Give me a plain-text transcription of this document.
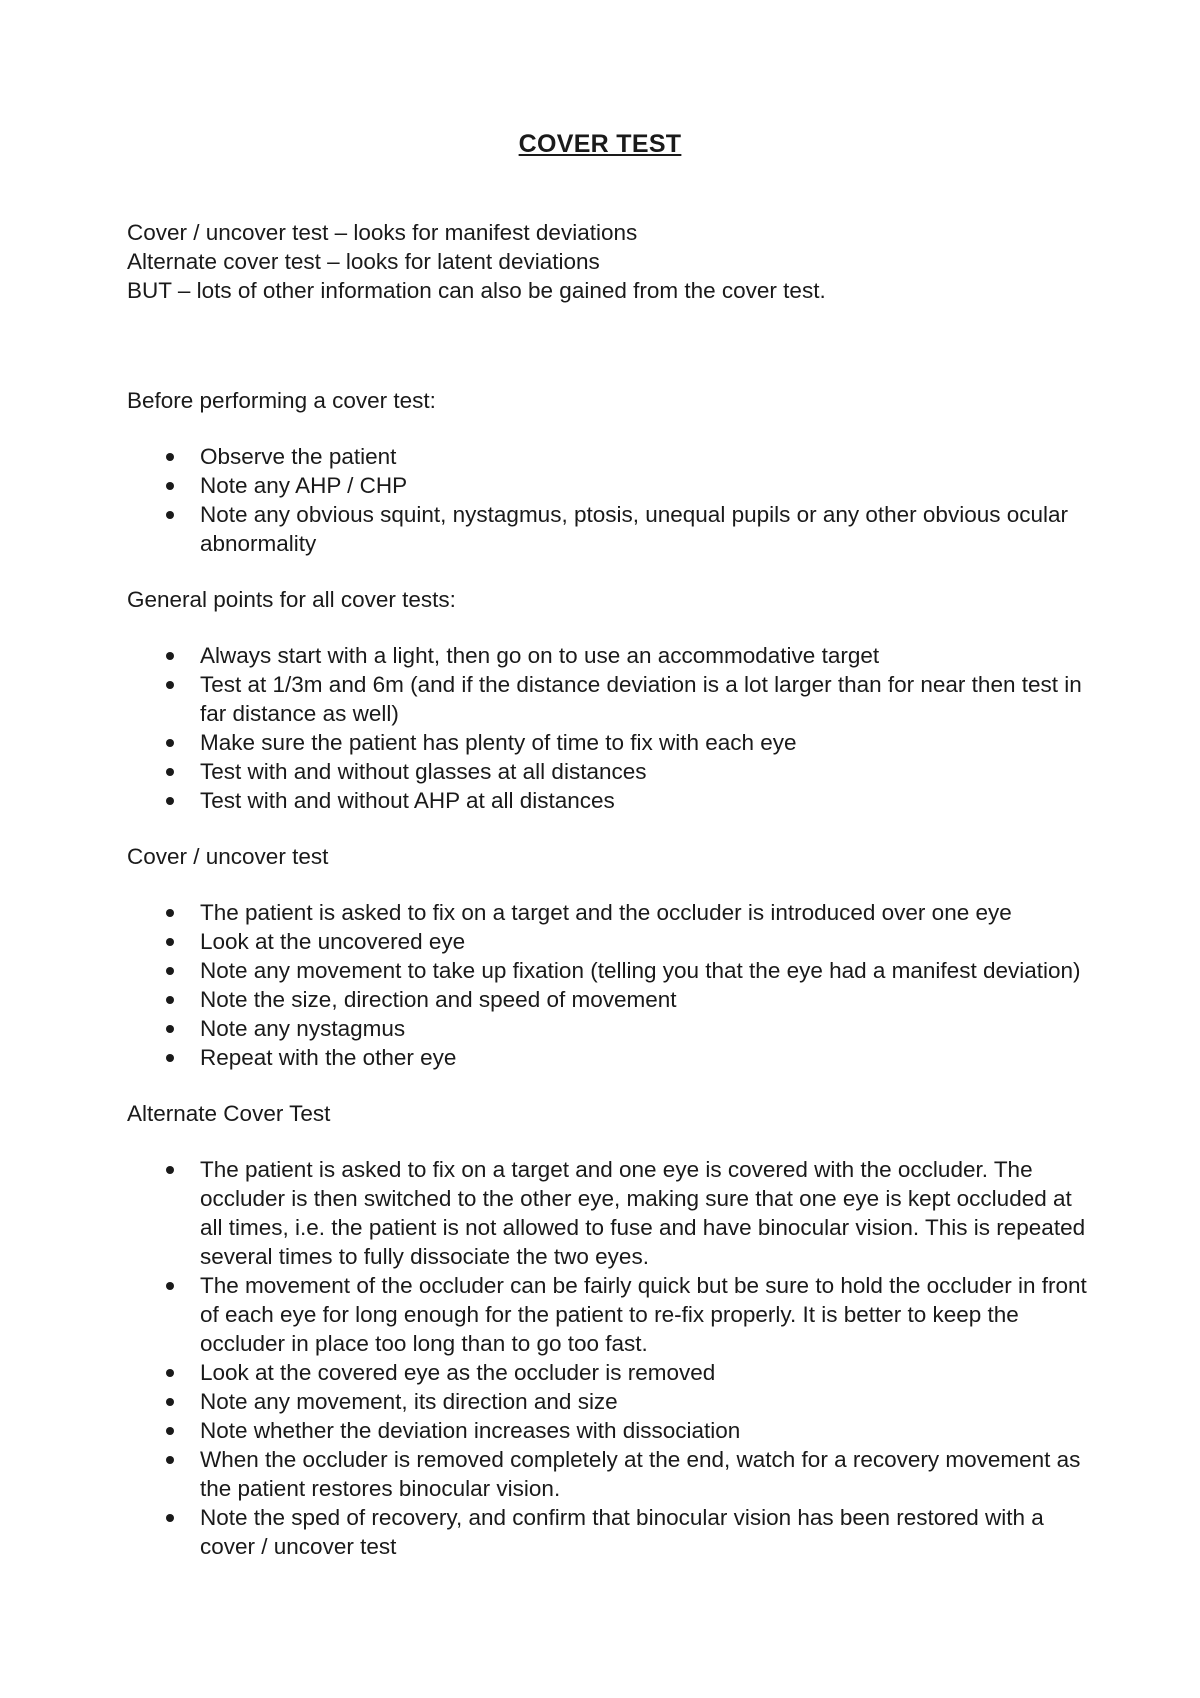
COVER TEST
Cover / uncover test – looks for manifest deviations
Alternate cover test – looks for latent deviations
BUT – lots of other information can also be gained from the cover test.
Before performing a cover test:
Observe the patient
Note any AHP / CHP
Note any obvious squint, nystagmus, ptosis, unequal pupils or any other obvious ocular abnormality
General points for all cover tests:
Always start with a light, then go on to use an accommodative target
Test at 1/3m and 6m (and if the distance deviation is a lot larger than for near then test in far distance as well)
Make sure the patient has plenty of time to fix with each eye
Test with and without glasses at all distances
Test with and without AHP at all distances
Cover / uncover test
The patient is asked to fix on a target and the occluder is introduced over one eye
Look at the uncovered eye
Note any movement to take up fixation (telling you that the eye had a manifest deviation)
Note the size, direction and speed of movement
Note any nystagmus
Repeat with the other eye
Alternate Cover Test
The patient is asked to fix on a target and one eye is covered with the occluder. The occluder is then switched to the other eye, making sure that one eye is kept occluded at all times, i.e. the patient is not allowed to fuse and have binocular vision. This is repeated several times to fully dissociate the two eyes.
The movement of the occluder can be fairly quick but be sure to hold the occluder in front of each eye for long enough for the patient to re-fix properly. It is better to keep the occluder in place too long than to go too fast.
Look at the covered eye as the occluder is removed
Note any movement, its direction and size
Note whether the deviation increases with dissociation
When the occluder is removed completely at the end, watch for a recovery movement as the patient restores binocular vision.
Note the sped of recovery, and confirm that binocular vision has been restored with a cover / uncover test
